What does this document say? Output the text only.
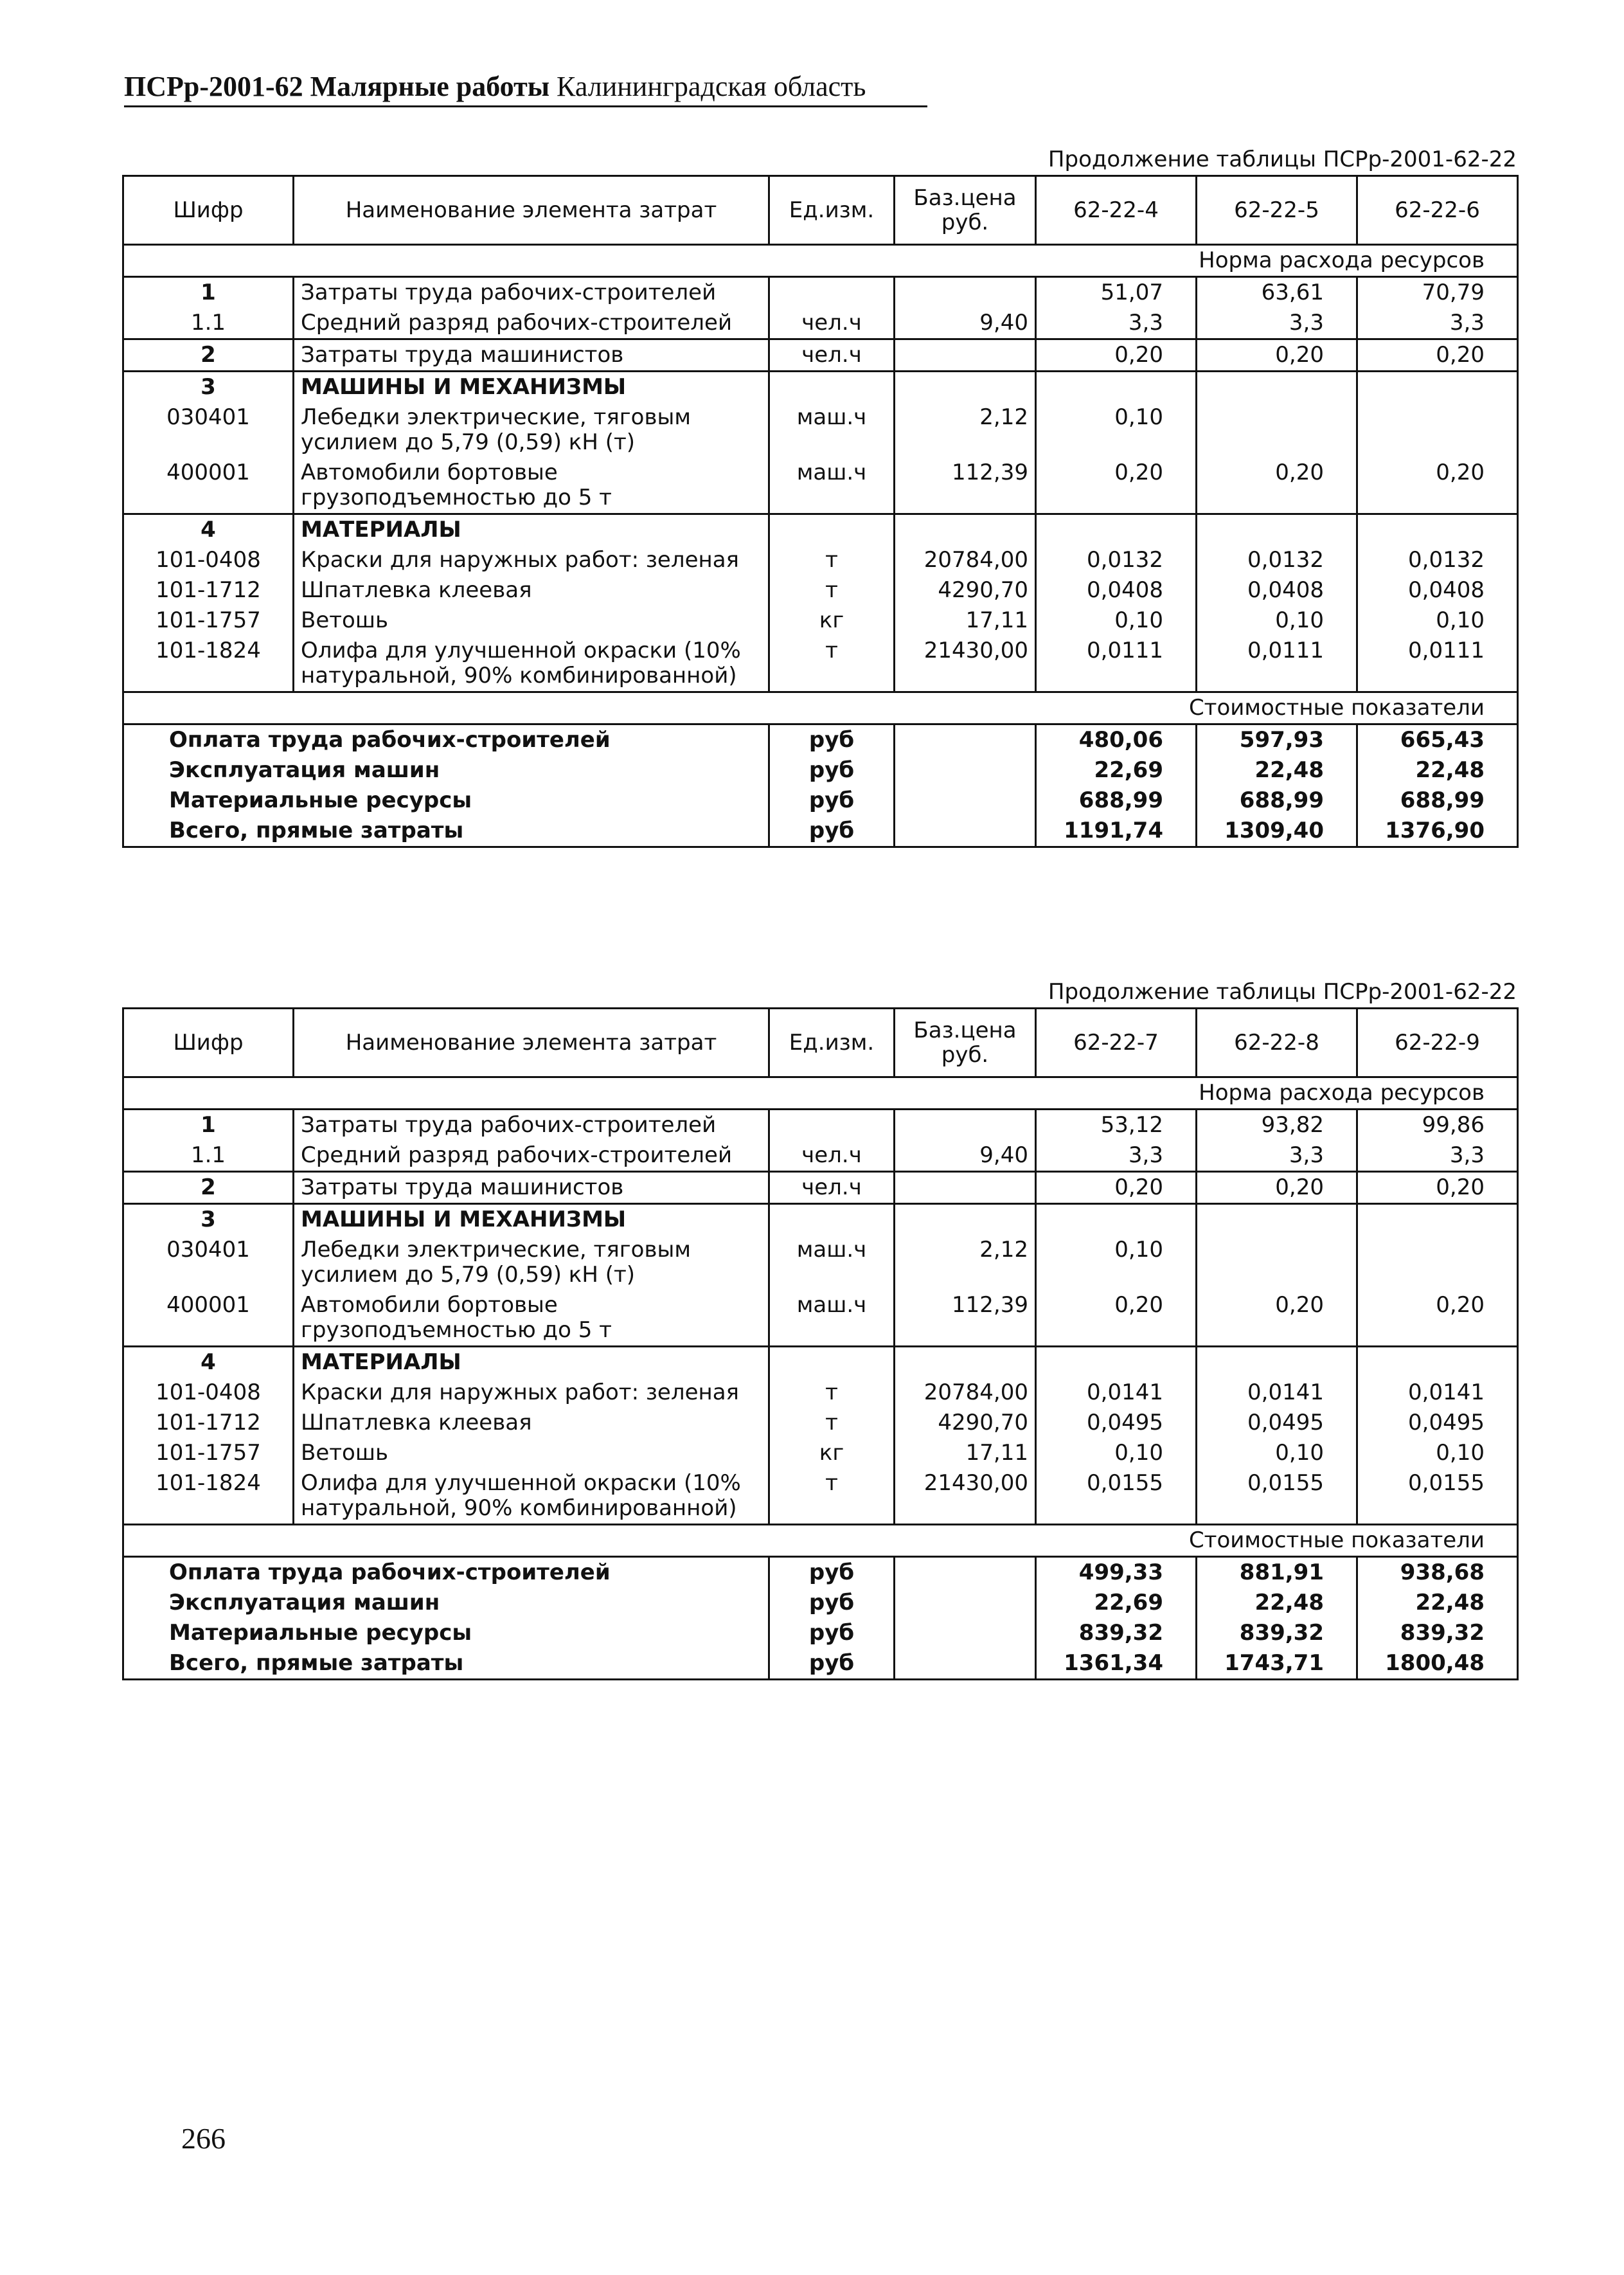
ПСРр-2001-62 Малярные работы Калининградская область
Продолжение таблицы ПСРр-2001-62-22
Шифр	Наименование элемента затрат	Ед.изм.	Баз.цена руб.	62-22-4	62-22-5	62-22-6
Норма расхода ресурсов						
1	Затраты труда рабочих-строителей			51,07	63,61	70,79
1.1	Средний разряд рабочих-строителей	чел.ч	9,40	3,3	3,3	3,3
2	Затраты труда машинистов	чел.ч		0,20	0,20	0,20
3	МАШИНЫ И МЕХАНИЗМЫ					
030401	Лебедки электрические, тяговым усилием до 5,79 (0,59) кН (т)	маш.ч	2,12	0,10		
400001	Автомобили бортовые грузоподъемностью до 5 т	маш.ч	112,39	0,20	0,20	0,20
4	МАТЕРИАЛЫ					
101-0408	Краски для наружных работ: зеленая	т	20784,00	0,0132	0,0132	0,0132
101-1712	Шпатлевка клеевая	т	4290,70	0,0408	0,0408	0,0408
101-1757	Ветошь	кг	17,11	0,10	0,10	0,10
101-1824	Олифа для улучшенной окраски (10% натуральной, 90% комбинированной)	т	21430,00	0,0111	0,0111	0,0111
Стоимостные показатели						
Оплата труда рабочих-строителей		руб		480,06	597,93	665,43
Эксплуатация машин		руб		22,69	22,48	22,48
Материальные ресурсы		руб		688,99	688,99	688,99
Всего, прямые затраты		руб		1191,74	1309,40	1376,90
Продолжение таблицы ПСРр-2001-62-22
Шифр	Наименование элемента затрат	Ед.изм.	Баз.цена руб.	62-22-7	62-22-8	62-22-9
Норма расхода ресурсов						
1	Затраты труда рабочих-строителей			53,12	93,82	99,86
1.1	Средний разряд рабочих-строителей	чел.ч	9,40	3,3	3,3	3,3
2	Затраты труда машинистов	чел.ч		0,20	0,20	0,20
3	МАШИНЫ И МЕХАНИЗМЫ					
030401	Лебедки электрические, тяговым усилием до 5,79 (0,59) кН (т)	маш.ч	2,12	0,10		
400001	Автомобили бортовые грузоподъемностью до 5 т	маш.ч	112,39	0,20	0,20	0,20
4	МАТЕРИАЛЫ					
101-0408	Краски для наружных работ: зеленая	т	20784,00	0,0141	0,0141	0,0141
101-1712	Шпатлевка клеевая	т	4290,70	0,0495	0,0495	0,0495
101-1757	Ветошь	кг	17,11	0,10	0,10	0,10
101-1824	Олифа для улучшенной окраски (10% натуральной, 90% комбинированной)	т	21430,00	0,0155	0,0155	0,0155
Стоимостные показатели						
Оплата труда рабочих-строителей		руб		499,33	881,91	938,68
Эксплуатация машин		руб		22,69	22,48	22,48
Материальные ресурсы		руб		839,32	839,32	839,32
Всего, прямые затраты		руб		1361,34	1743,71	1800,48
266
